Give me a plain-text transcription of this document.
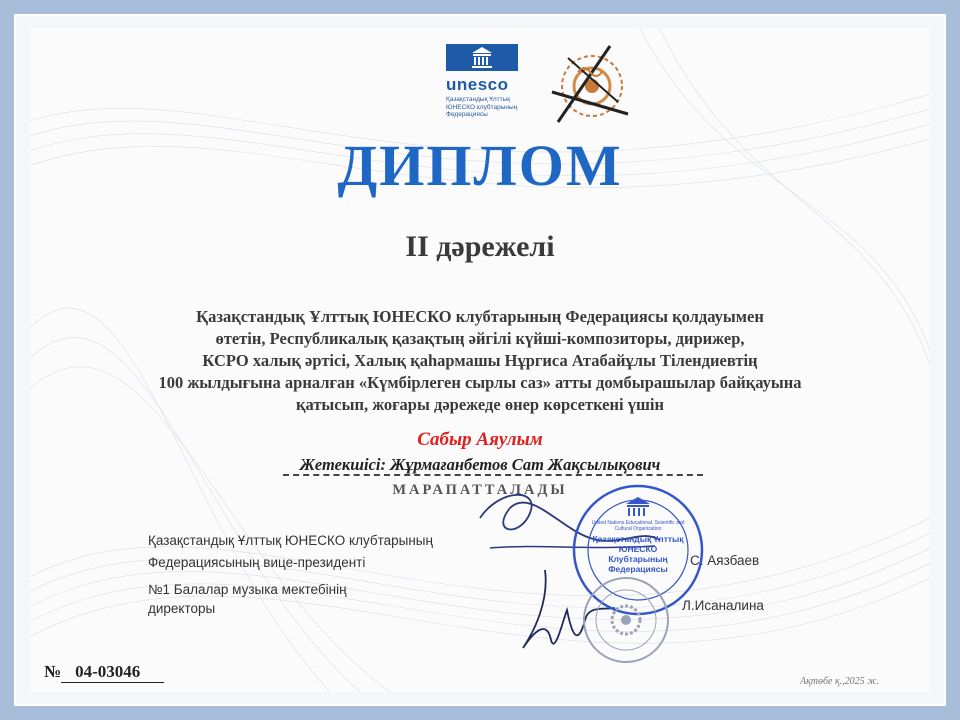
unesco
Қазақстандық Ұлттық
ЮНЕСКО клубтарының
Федерациясы
ДИПЛОМ
II дәрежелі
Қазақстандық Ұлттық ЮНЕСКО клубтарының Федерациясы қолдауымен
өтетін, Республикалық қазақтың әйгілі күйші-композиторы, дирижер,
КСРО халық әртісі, Халық қаһармашы Нұргиса Атабайұлы Тілендиевтің
100 жылдығына арналған «Күмбірлеген сырлы саз» атты домбырашылар байқауына
қатысып, жоғары дәрежеде өнер көрсеткені үшін
Сабыр Аяулым
Жетекшісі: Жұрмағанбетов Сат Жақсылықович
МАРАПАТТАЛАДЫ
Қазақстандық Ұлттық ЮНЕСКО клубтарының
Федерациясының вице-президенті	С. Аязбаев
№1 Балалар музыка мектебінің
директоры	Л.Исаналина
United Nations Educational, Scientific and Cultural Organization
Қазақстандық Ұлттық
ЮНЕСКО
Клубтарының
Федерациясы
№ 04-03046
Ақтөбе қ.,2025 ж.
